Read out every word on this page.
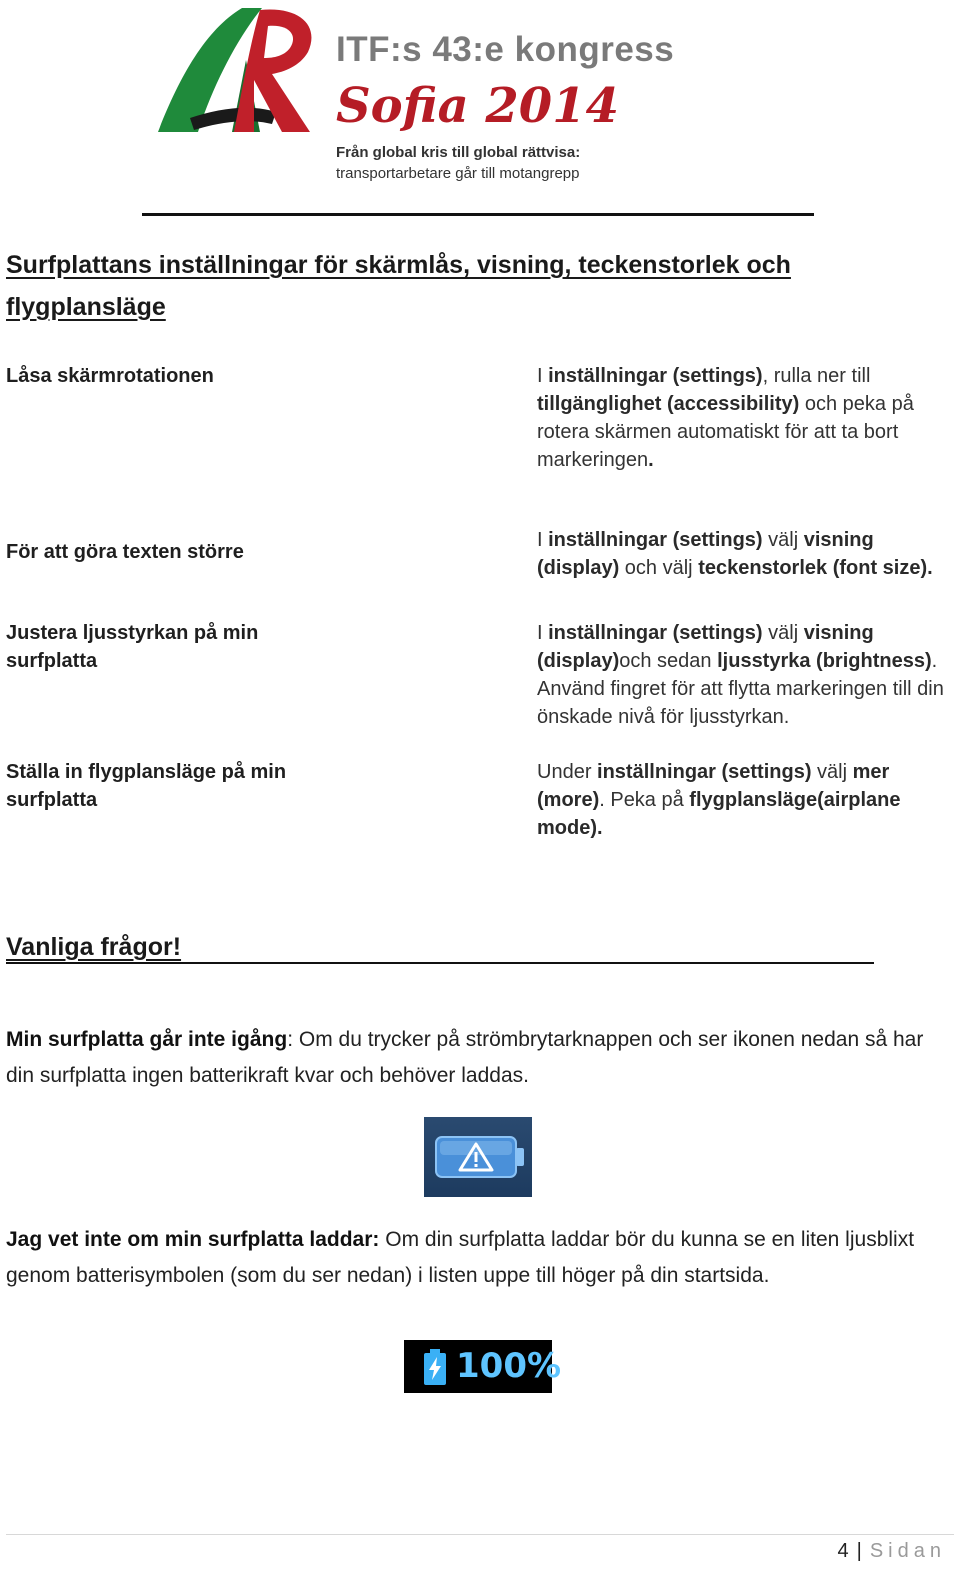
ITF:s 43:e kongress
Sofia 2014
Från global kris till global rättvisa:
transportarbetare går till motangrepp
Surfplattans inställningar för skärmlås, visning, teckenstorlek och flygplansläge
Låsa skärmrotationen	I inställningar (settings), rulla ner till tillgänglighet (accessibility) och peka på rotera skärmen automatiskt för att ta bort markeringen.
För att göra texten större
I inställningar (settings) välj visning (display) och välj teckenstorlek (font size).
Justera ljusstyrkan på min surfplatta
I inställningar (settings) välj visning (display)och sedan ljusstyrka (brightness). Använd fingret för att flytta markeringen till din önskade nivå för ljusstyrkan.
Ställa in flygplansläge på min surfplatta
Under inställningar (settings) välj mer (more). Peka på flygplansläge(airplane mode).
Vanliga frågor!
Min surfplatta går inte igång: Om du trycker på strömbrytarknappen och ser ikonen nedan så har din surfplatta ingen batterikraft kvar och behöver laddas.
Jag vet inte om min surfplatta laddar: Om din surfplatta laddar bör du kunna se en liten ljusblixt genom batterisymbolen (som du ser nedan) i listen uppe till höger på din startsida.
100%
4 | Sidan
